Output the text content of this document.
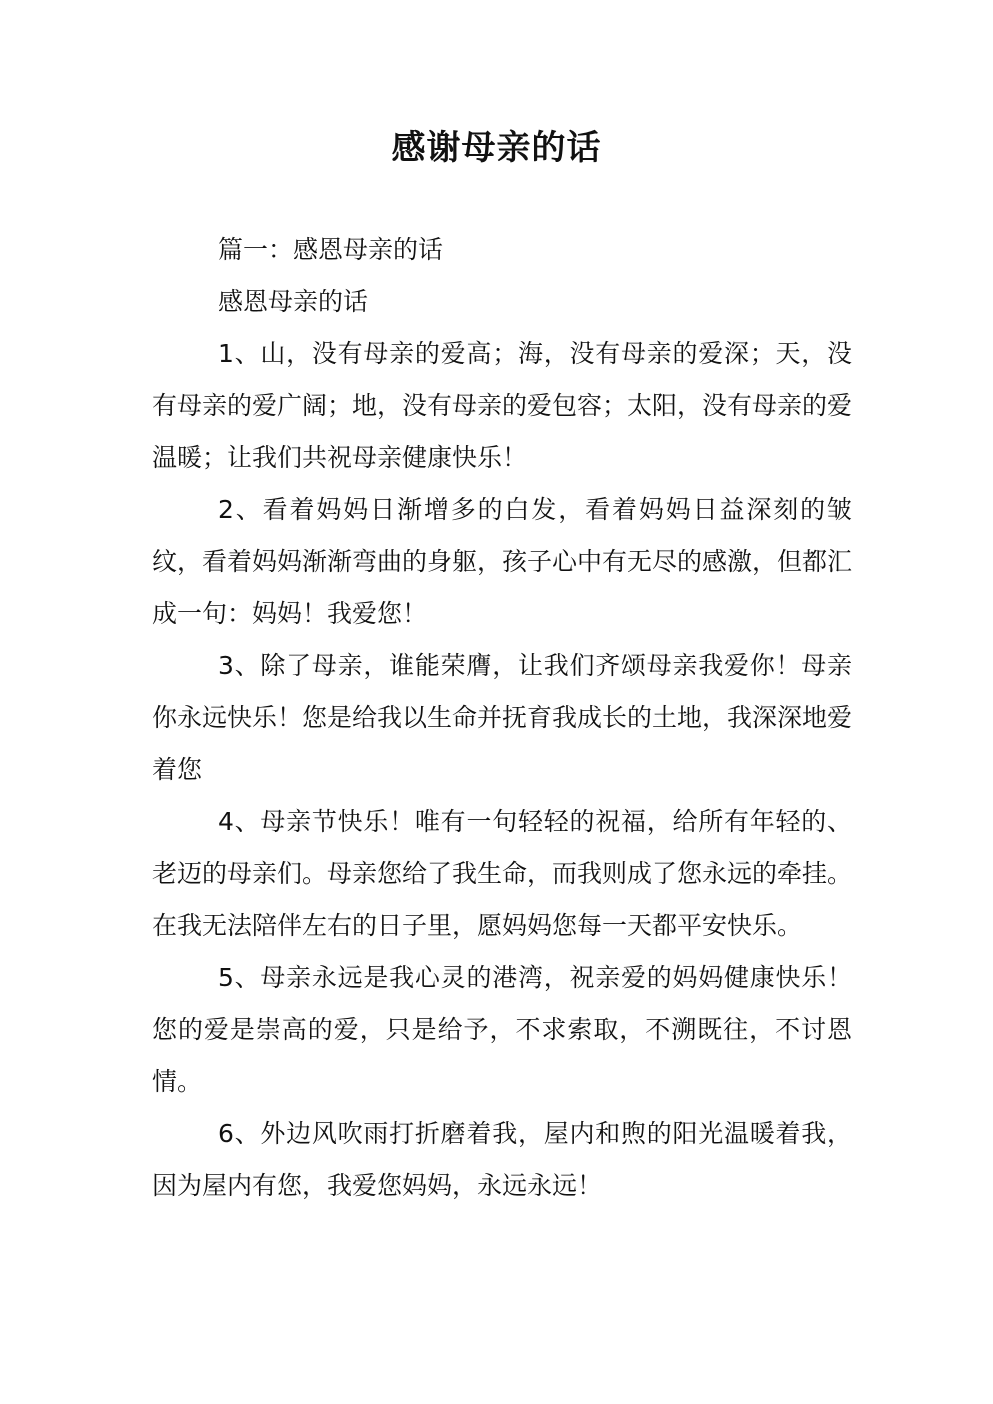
感谢母亲的话

篇一：感恩母亲的话

感恩母亲的话

1、山，没有母亲的爱高；海，没有母亲的爱深；天，没有母亲的爱广阔；地，没有母亲的爱包容；太阳，没有母亲的爱温暖；让我们共祝母亲健康快乐！

2、看着妈妈日渐增多的白发，看着妈妈日益深刻的皱纹，看着妈妈渐渐弯曲的身躯，孩子心中有无尽的感激，但都汇成一句：妈妈！我爱您！

3、除了母亲，谁能荣膺，让我们齐颂母亲我爱你！母亲你永远快乐！您是给我以生命并抚育我成长的土地，我深深地爱着您

4、母亲节快乐！唯有一句轻轻的祝福，给所有年轻的、老迈的母亲们。母亲您给了我生命，而我则成了您永远的牵挂。在我无法陪伴左右的日子里，愿妈妈您每一天都平安快乐。

5、母亲永远是我心灵的港湾，祝亲爱的妈妈健康快乐！您的爱是崇高的爱，只是给予，不求索取，不溯既往，不讨恩情。

6、外边风吹雨打折磨着我，屋内和煦的阳光温暖着我，因为屋内有您，我爱您妈妈，永远永远！
